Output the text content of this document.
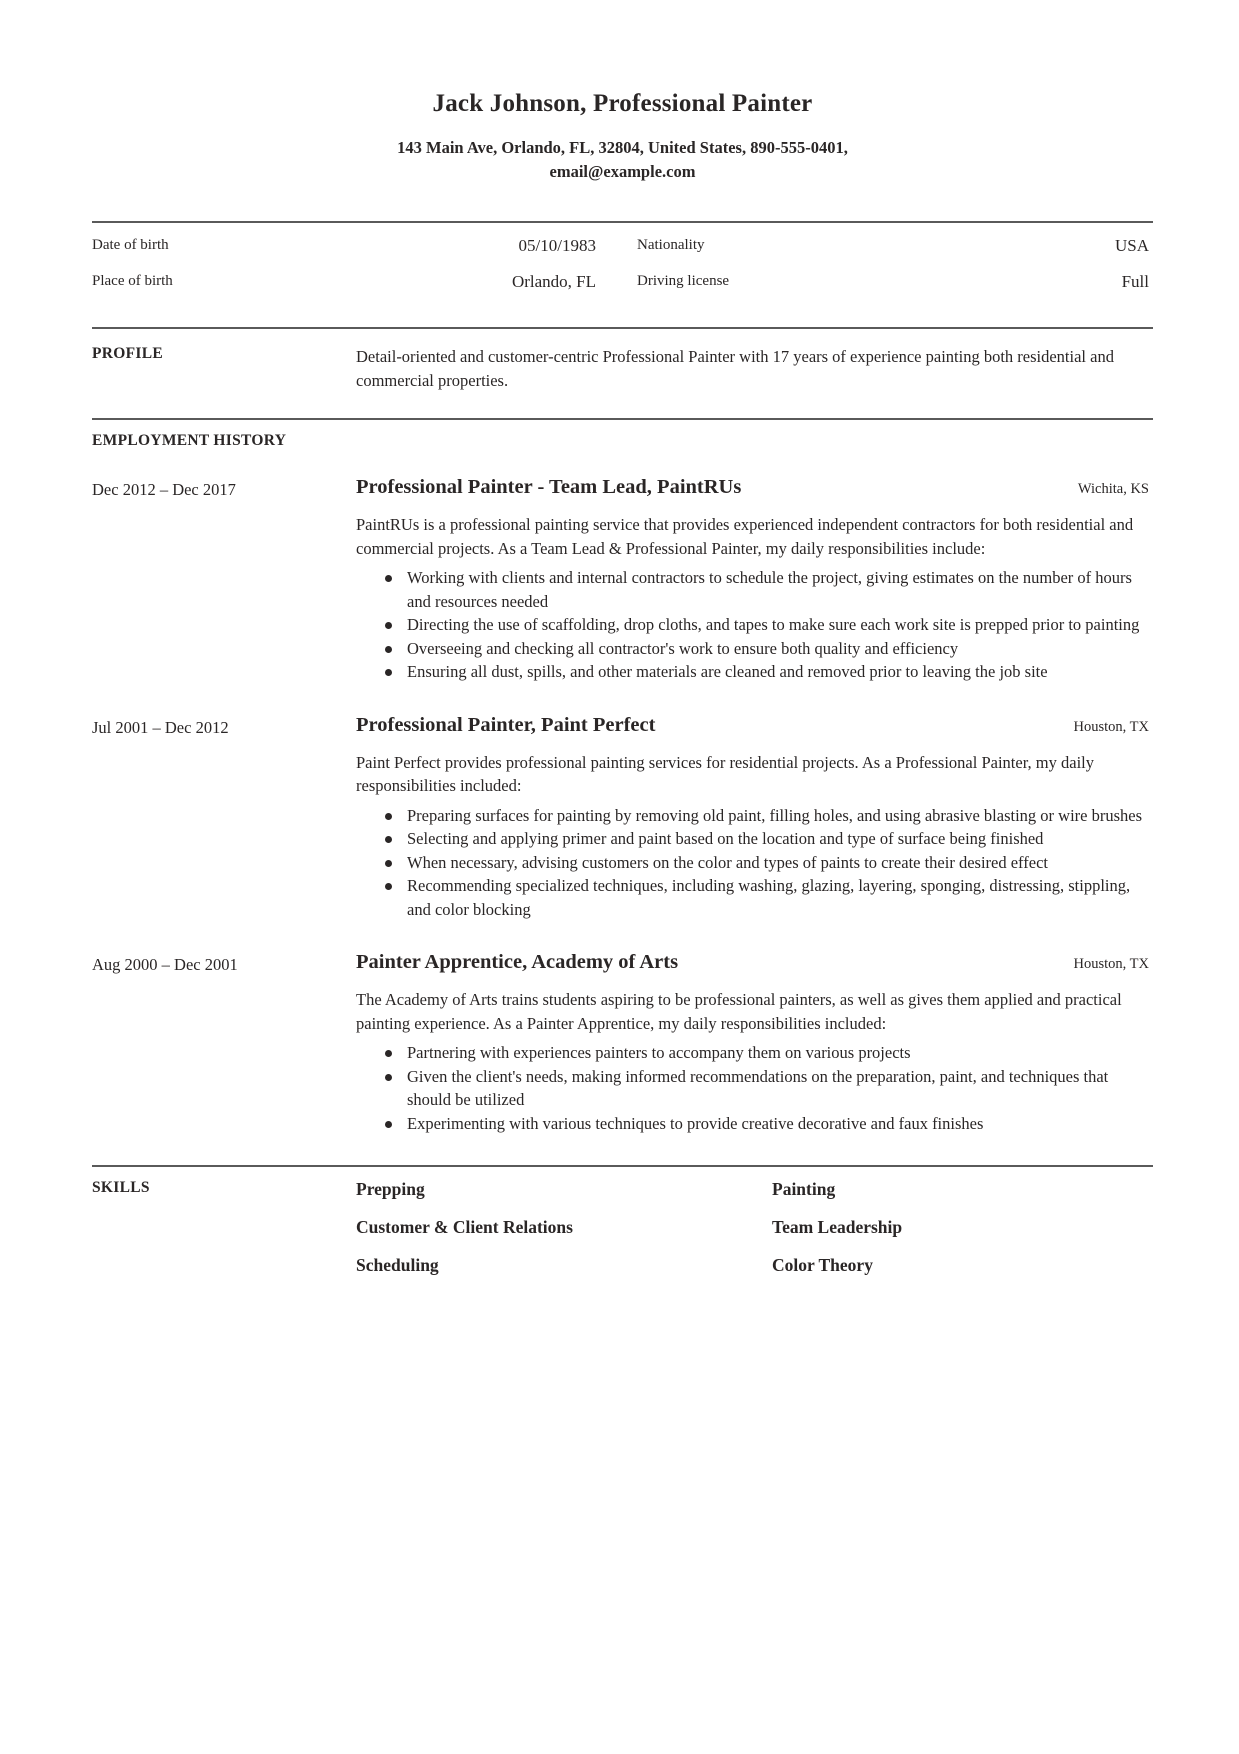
Jack Johnson, Professional Painter
143 Main Ave, Orlando, FL, 32804, United States, 890-555-0401,
email@example.com
Date of birth	05/10/1983	Nationality	USA
Place of birth	Orlando, FL	Driving license	Full
PROFILE	Detail-oriented and customer-centric Professional Painter with 17 years of experience painting both residential and commercial properties.
EMPLOYMENT HISTORY
Dec 2012 – Dec 2017	Professional Painter - Team Lead, PaintRUs	Wichita, KS
PaintRUs is a professional painting service that provides experienced independent contractors for both residential and commercial projects. As a Team Lead & Professional Painter, my daily responsibilities include:
Working with clients and internal contractors to schedule the project, giving estimates on the number of hours and resources needed
Directing the use of scaffolding, drop cloths, and tapes to make sure each work site is prepped prior to painting
Overseeing and checking all contractor's work to ensure both quality and efficiency
Ensuring all dust, spills, and other materials are cleaned and removed prior to leaving the job site
Jul 2001 – Dec 2012	Professional Painter, Paint Perfect	Houston, TX
Paint Perfect provides professional painting services for residential projects. As a Professional Painter, my daily responsibilities included:
Preparing surfaces for painting by removing old paint, filling holes, and using abrasive blasting or wire brushes
Selecting and applying primer and paint based on the location and type of surface being finished
When necessary, advising customers on the color and types of paints to create their desired effect
Recommending specialized techniques, including washing, glazing, layering, sponging, distressing, stippling, and color blocking
Aug 2000 – Dec 2001	Painter Apprentice, Academy of Arts	Houston, TX
The Academy of Arts trains students aspiring to be professional painters, as well as gives them applied and practical painting experience. As a Painter Apprentice, my daily responsibilities included:
Partnering with experiences painters to accompany them on various projects
Given the client's needs, making informed recommendations on the preparation, paint, and techniques that should be utilized
Experimenting with various techniques to provide creative decorative and faux finishes
SKILLS	Prepping	Painting
Customer & Client Relations	Team Leadership
Scheduling	Color Theory
